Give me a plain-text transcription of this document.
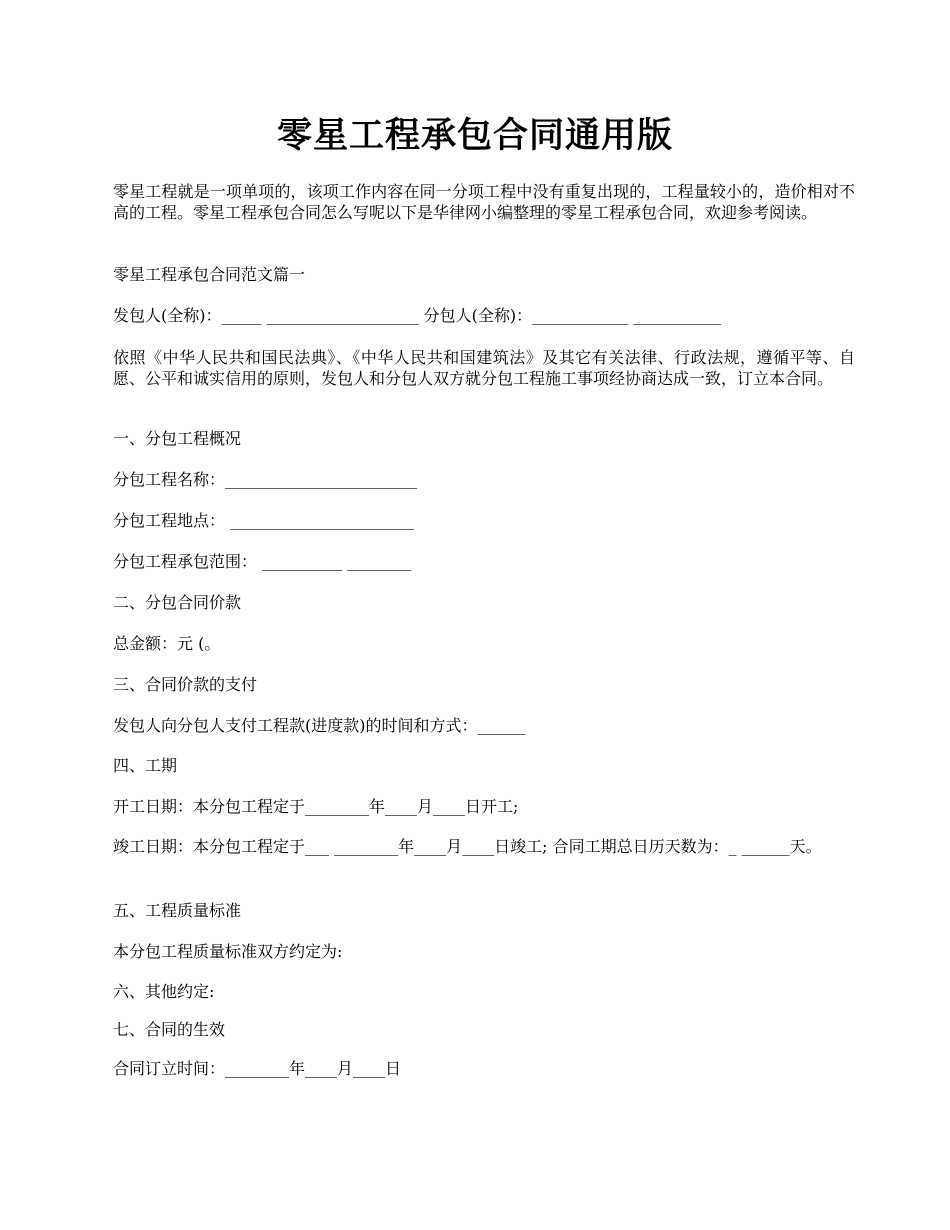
零星工程承包合同通用版
零星工程就是一项单项的，该项工作内容在同一分项工程中没有重复出现的，工程量较小的，造价相对不高的工程。零星工程承包合同怎么写呢以下是华律网小编整理的零星工程承包合同，欢迎参考阅读。
零星工程承包合同范文篇一
发包人(全称)：_____ ___________________ 分包人(全称)：____________ ___________
依照《中华人民共和国民法典》、《中华人民共和国建筑法》及其它有关法律、行政法规，遵循平等、自愿、公平和诚实信用的原则，发包人和分包人双方就分包工程施工事项经协商达成一致，订立本合同。
一、分包工程概况
分包工程名称：________________________
分包工程地点： _______________________
分包工程承包范围： __________ ________
二、分包合同价款
总金额：元 (。
三、合同价款的支付
发包人向分包人支付工程款(进度款)的时间和方式：______
四、工期
开工日期：本分包工程定于________年____月____日开工;
竣工日期：本分包工程定于___ ________年____月____日竣工; 合同工期总日历天数为：_ ______天。
五、工程质量标准
本分包工程质量标准双方约定为:
六、其他约定:
七、合同的生效
合同订立时间：________年____月____日
